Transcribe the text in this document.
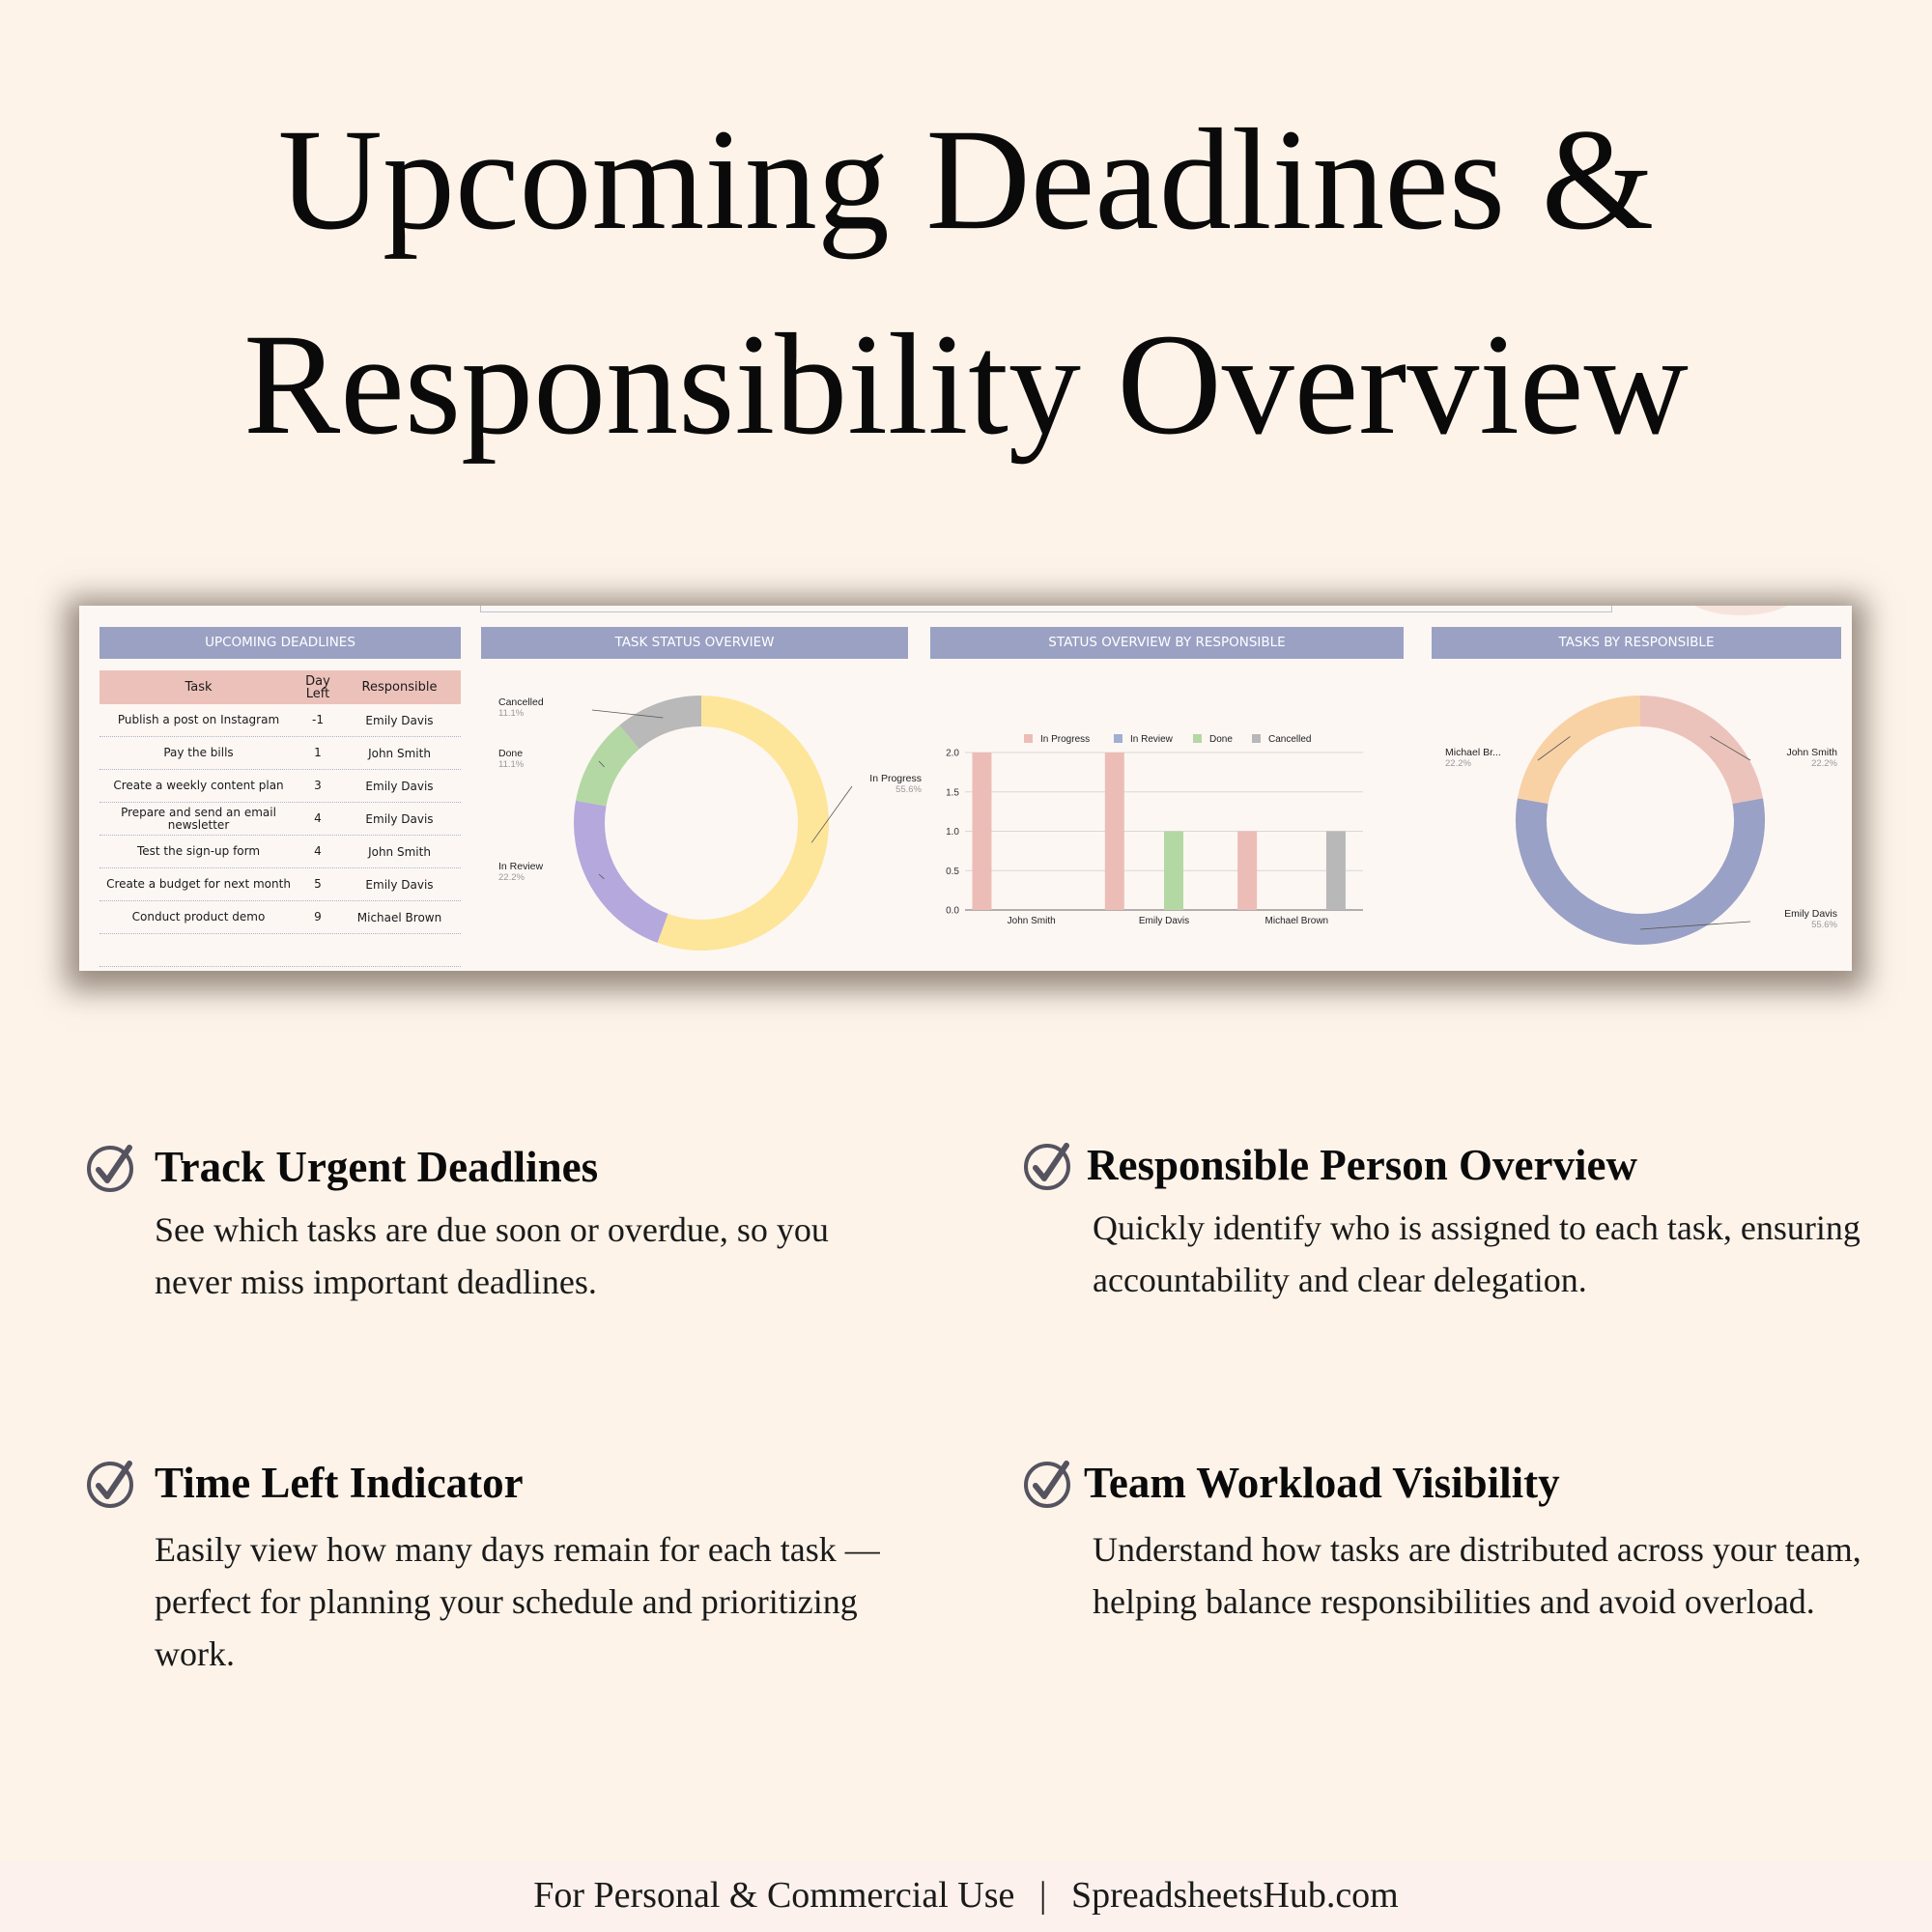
Upcoming Deadlines &
Responsibility Overview
UPCOMING DEADLINES	TASK STATUS OVERVIEW	STATUS OVERVIEW BY RESPONSIBLE	TASKS BY RESPONSIBLE
Task	Day Left	Responsible
Publish a post on Instagram	-1	Emily Davis
Pay the bills	1	John Smith
Create a weekly content plan	3	Emily Davis
Prepare and send an email newsletter	4	Emily Davis
Test the sign-up form	4	John Smith
Create a budget for next month	5	Emily Davis
Conduct product demo	9	Michael Brown
In Progress
55.6%
In Review
22.2%
Done
11.1%
Cancelled
11.1%
0.0
0.5
1.0
1.5
2.0
John Smith	Emily Davis	Michael Brown
In Progress	In Review	Done	Cancelled
John Smith
22.2%
Emily Davis
55.6%
Michael Br...
22.2%
Track Urgent Deadlines

See which tasks are due soon or overdue, so you never miss important deadlines.

Responsible Person Overview

Quickly identify who is assigned to each task, ensuring accountability and clear delegation.

Time Left Indicator

Easily view how many days remain for each task — perfect for planning your schedule and prioritizing work.

Team Workload Visibility

Understand how tasks are distributed across your team, helping balance responsibilities and avoid overload.

For Personal & Commercial Use | SpreadsheetsHub.com
